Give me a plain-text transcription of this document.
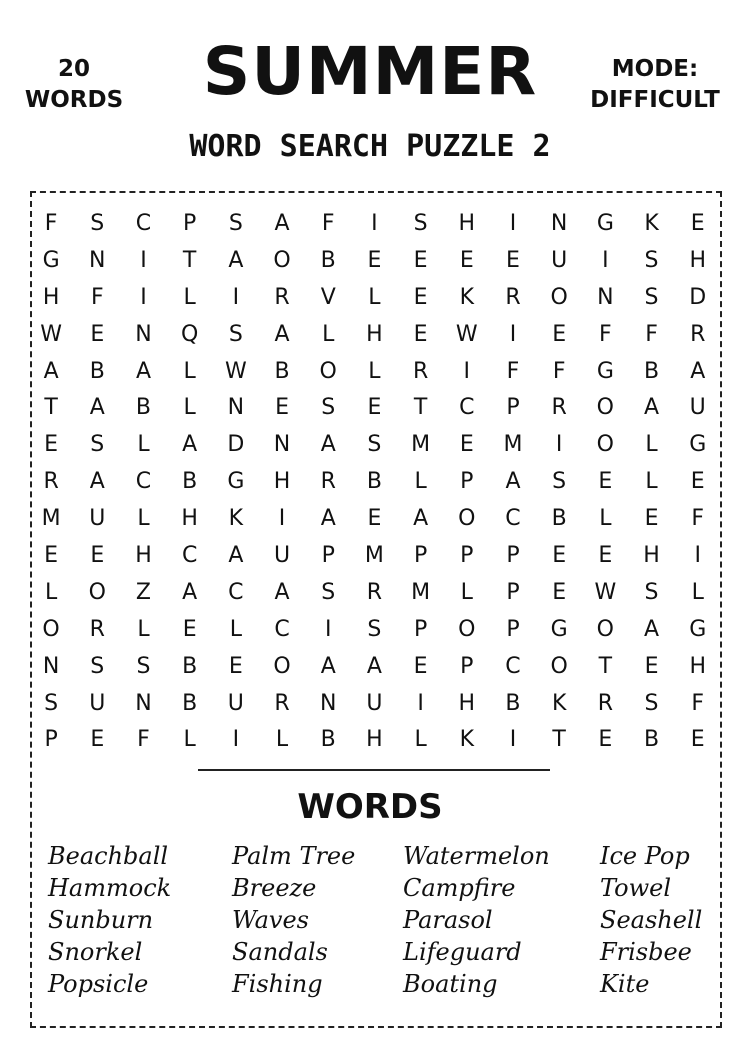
20
WORDS	SUMMER	MODE:
DIFFICULT
WORD SEARCH PUZZLE 2
F	S	C	P	S	A	F	I	S	H	I	N	G	K	E
G	N	I	T	A	O	B	E	E	E	E	U	I	S	H
H	F	I	L	I	R	V	L	E	K	R	O	N	S	D
W	E	N	Q	S	A	L	H	E	W	I	E	F	F	R
A	B	A	L	W	B	O	L	R	I	F	F	G	B	A
T	A	B	L	N	E	S	E	T	C	P	R	O	A	U
E	S	L	A	D	N	A	S	M	E	M	I	O	L	G
R	A	C	B	G	H	R	B	L	P	A	S	E	L	E
M	U	L	H	K	I	A	E	A	O	C	B	L	E	F
E	E	H	C	A	U	P	M	P	P	P	E	E	H	I
L	O	Z	A	C	A	S	R	M	L	P	E	W	S	L
O	R	L	E	L	C	I	S	P	O	P	G	O	A	G
N	S	S	B	E	O	A	A	E	P	C	O	T	E	H
S	U	N	B	U	R	N	U	I	H	B	K	R	S	F
P	E	F	L	I	L	B	H	L	K	I	T	E	B	E
WORDS
Beachball
Hammock
Sunburn
Snorkel
Popsicle
Palm Tree
Breeze
Waves
Sandals
Fishing
Watermelon
Campfire
Parasol
Lifeguard
Boating
Ice Pop
Towel
Seashell
Frisbee
Kite
